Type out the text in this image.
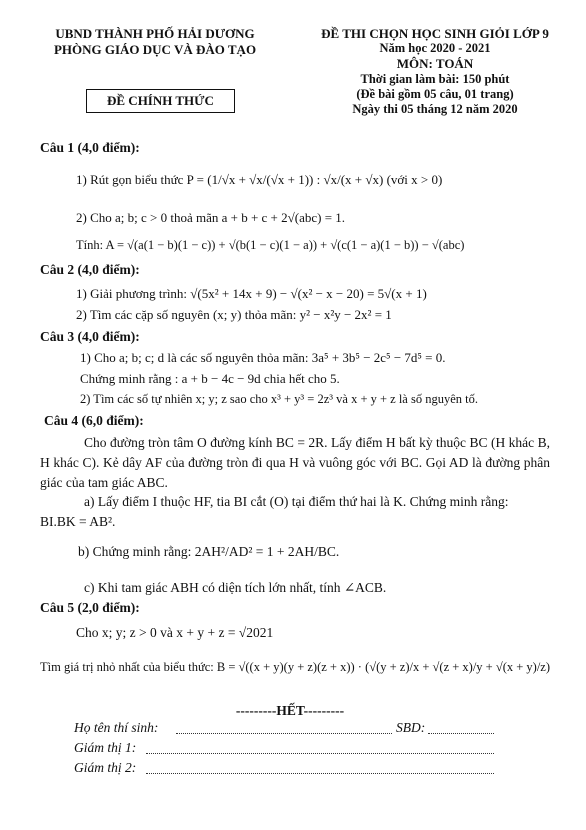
UBND THÀNH PHỐ HẢI DƯƠNG
PHÒNG GIÁO DỤC VÀ ĐÀO TẠO
ĐỀ CHÍNH THỨC
ĐỀ THI CHỌN HỌC SINH GIỎI LỚP 9
Năm học 2020 - 2021
MÔN: TOÁN
Thời gian làm bài: 150 phút
(Đề bài gồm 05 câu, 01 trang)
Ngày thi 05 tháng 12 năm 2020
Câu 1 (4,0 điểm):
1) Rút gọn biểu thức P = (1/√x + √x/(√x + 1)) : √x/(x + √x) (với x > 0)
2) Cho a; b; c > 0 thoả mãn a + b + c + 2√(abc) = 1.
Tính: A = √(a(1 − b)(1 − c)) + √(b(1 − c)(1 − a)) + √(c(1 − a)(1 − b)) − √(abc)
Câu 2 (4,0 điểm):
1) Giải phương trình: √(5x² + 14x + 9) − √(x² − x − 20) = 5√(x + 1)
2) Tìm các cặp số nguyên (x; y) thỏa mãn: y² − x²y − 2x² = 1
Câu 3 (4,0 điểm):
1) Cho a; b; c; d là các số nguyên thỏa mãn: 3a⁵ + 3b⁵ − 2c⁵ − 7d⁵ = 0.
Chứng minh rằng : a + b − 4c − 9d chia hết cho 5.
2) Tìm các số tự nhiên x; y; z sao cho x³ + y³ = 2z³ và x + y + z là số nguyên tố.
Câu 4 (6,0 điểm):
Cho đường tròn tâm O đường kính BC = 2R. Lấy điểm H bất kỳ thuộc BC (H khác B, H khác C). Kẻ dây AF của đường tròn đi qua H và vuông góc với BC. Gọi AD là đường phân giác của tam giác ABC.
a) Lấy điểm I thuộc HF, tia BI cắt (O) tại điểm thứ hai là K. Chứng minh rằng:
BI.BK = AB².
b) Chứng minh rằng: 2AH²/AD² = 1 + 2AH/BC.
c) Khi tam giác ABH có diện tích lớn nhất, tính ∠ACB.
Câu 5 (2,0 điểm):
Cho x; y; z > 0 và x + y + z = √2021
Tìm giá trị nhỏ nhất của biểu thức: B = √((x + y)(y + z)(z + x)) · (√(y + z)/x + √(z + x)/y + √(x + y)/z)
---------HẾT---------
Họ tên thí sinh:	SBD:
Giám thị 1:
Giám thị 2:
